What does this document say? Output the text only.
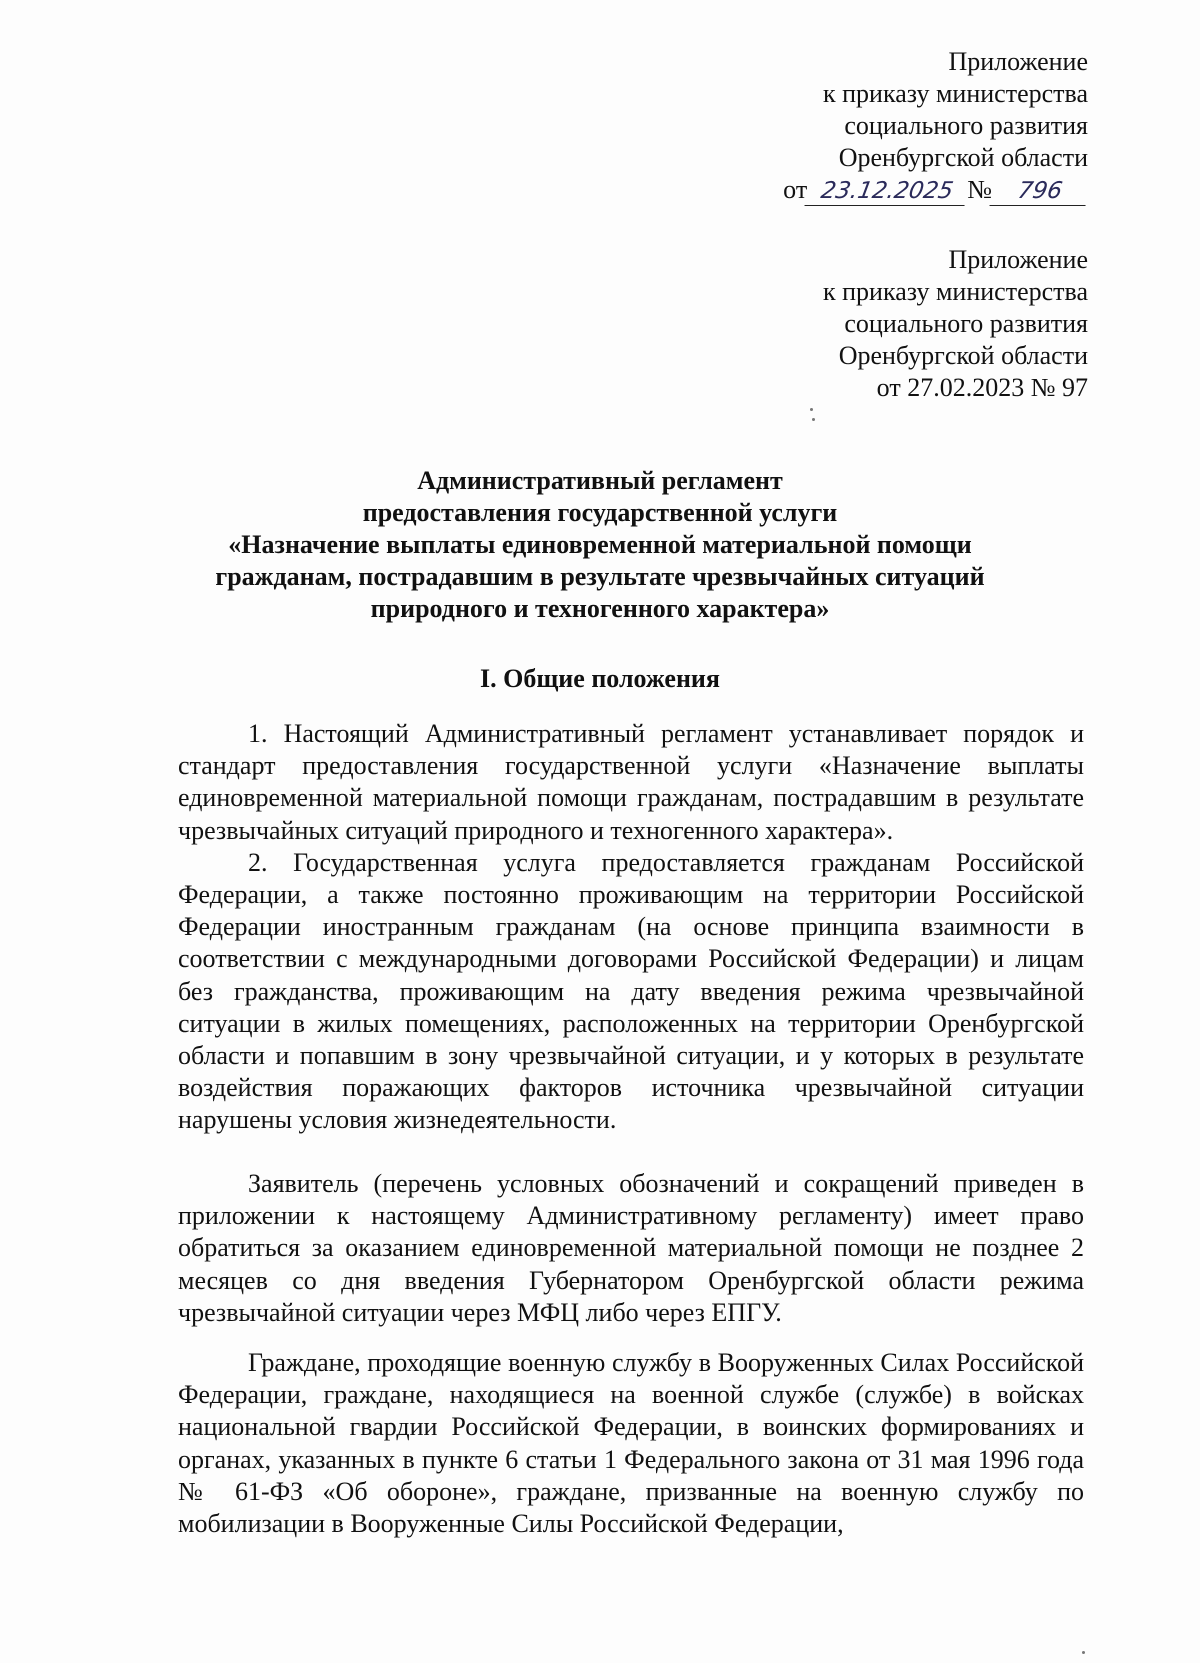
Приложение
к приказу министерства
социального развития
Оренбургской области
от 23.12.2025 № 796
Приложение
к приказу министерства
социального развития
Оренбургской области
от 27.02.2023 № 97
Административный регламент
предоставления государственной услуги
«Назначение выплаты единовременной материальной помощи
гражданам, пострадавшим в результате чрезвычайных ситуаций
природного и техногенного характера»
I. Общие положения

1. Настоящий Административный регламент устанавливает порядок и стандарт предоставления государственной услуги «Назначение выплаты единовременной материальной помощи гражданам, пострадавшим в результате чрезвычайных ситуаций природного и техногенного характера».

2. Государственная услуга предоставляется гражданам Российской Федерации, а также постоянно проживающим на территории Российской Федерации иностранным гражданам (на основе принципа взаимности в соответствии с международными договорами Российской Федерации) и лицам без гражданства, проживающим на дату введения режима чрезвычайной ситуации в жилых помещениях, расположенных на территории Оренбургской области и попавшим в зону чрезвычайной ситуации, и у которых в результате воздействия поражающих факторов источника чрезвычайной ситуации нарушены условия жизнедеятельности.

Заявитель (перечень условных обозначений и сокращений приведен в приложении к настоящему Административному регламенту) имеет право обратиться за оказанием единовременной материальной помощи не позднее 2 месяцев со дня введения Губернатором Оренбургской области режима чрезвычайной ситуации через МФЦ либо через ЕПГУ.

Граждане, проходящие военную службу в Вооруженных Силах Российской Федерации, граждане, находящиеся на военной службе (службе) в войсках национальной гвардии Российской Федерации, в воинских формированиях и органах, указанных в пункте 6 статьи 1 Федерального закона от 31 мая 1996 года № 61-ФЗ «Об обороне», граждане, призванные на военную службу по мобилизации в Вооруженные Силы Российской Федерации,
